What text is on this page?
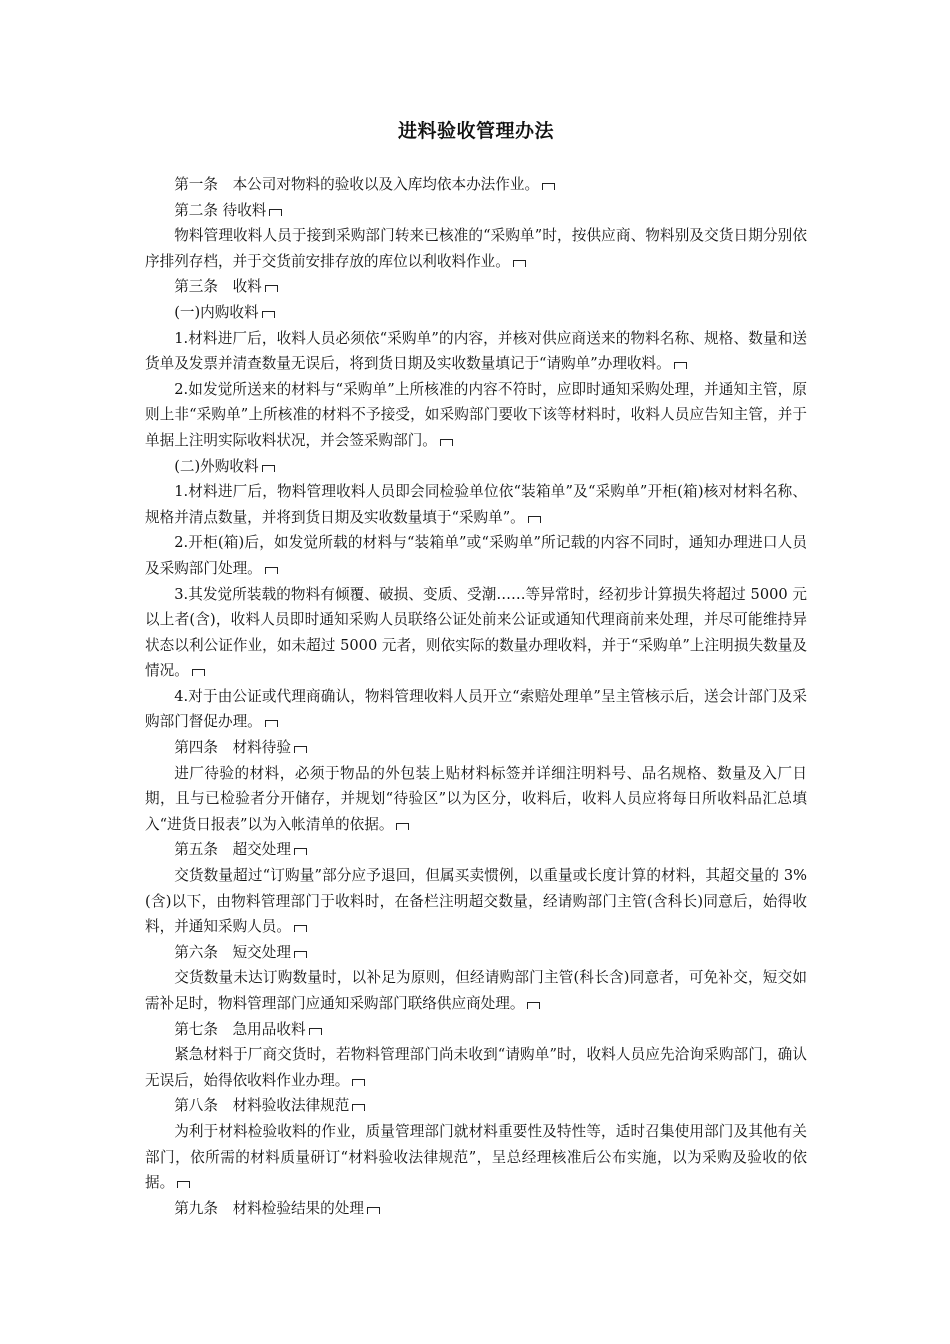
进料验收管理办法

第一条　本公司对物料的验收以及入库均依本办法作业。

第二条 待收料

物料管理收料人员于接到采购部门转来已核准的“采购单”时，按供应商、物料别及交货日期分别依序排列存档，并于交货前安排存放的库位以利收料作业。

第三条　收料

(一)内购收料

1.材料进厂后，收料人员必须依“采购单”的内容，并核对供应商送来的物料名称、规格、数量和送货单及发票并清查数量无误后，将到货日期及实收数量填记于“请购单”办理收料。

2.如发觉所送来的材料与“采购单”上所核准的内容不符时，应即时通知采购处理，并通知主管，原则上非“采购单”上所核准的材料不予接受，如采购部门要收下该等材料时，收料人员应告知主管，并于单据上注明实际收料状况，并会签采购部门。

(二)外购收料

1.材料进厂后，物料管理收料人员即会同检验单位依“装箱单”及“采购单”开柜(箱)核对材料名称、规格并清点数量，并将到货日期及实收数量填于“采购单”。

2.开柜(箱)后，如发觉所载的材料与“装箱单”或“采购单”所记载的内容不同时，通知办理进口人员及采购部门处理。

3.其发觉所装载的物料有倾覆、破损、变质、受潮……等异常时，经初步计算损失将超过 5000 元以上者(含)，收料人员即时通知采购人员联络公证处前来公证或通知代理商前来处理，并尽可能维持异状态以利公证作业，如未超过 5000 元者，则依实际的数量办理收料，并于“采购单”上注明损失数量及情况。

4.对于由公证或代理商确认，物料管理收料人员开立“索赔处理单”呈主管核示后，送会计部门及采购部门督促办理。

第四条　材料待验

进厂待验的材料，必须于物品的外包装上贴材料标签并详细注明料号、品名规格、数量及入厂日期，且与已检验者分开储存，并规划“待验区”以为区分，收料后，收料人员应将每日所收料品汇总填入“进货日报表”以为入帐清单的依据。

第五条　超交处理

交货数量超过“订购量”部分应予退回，但属买卖惯例，以重量或长度计算的材料，其超交量的 3%(含)以下，由物料管理部门于收料时，在备栏注明超交数量，经请购部门主管(含科长)同意后，始得收料，并通知采购人员。

第六条　短交处理

交货数量未达订购数量时，以补足为原则，但经请购部门主管(科长含)同意者，可免补交，短交如需补足时，物料管理部门应通知采购部门联络供应商处理。

第七条　急用品收料

紧急材料于厂商交货时，若物料管理部门尚未收到“请购单”时，收料人员应先洽询采购部门，确认无误后，始得依收料作业办理。

第八条　材料验收法律规范

为利于材料检验收料的作业，质量管理部门就材料重要性及特性等，适时召集使用部门及其他有关部门，依所需的材料质量研订“材料验收法律规范”，呈总经理核准后公布实施，以为采购及验收的依据。

第九条　材料检验结果的处理
